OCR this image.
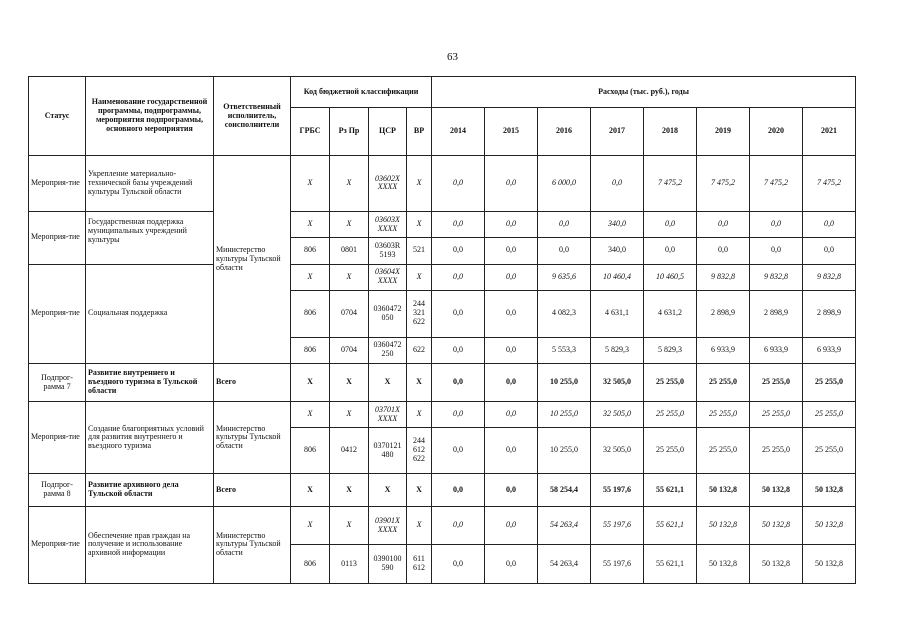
63
Статус	Наименование государственной программы, подпрограммы, мероприятия подпрограммы, основного мероприятия	Ответственный исполнитель, соисполнители	Код бюджетной классификации				Расходы (тыс. руб.), годы							
			ГРБС	Рз Пр	ЦСР	ВР	2014	2015	2016	2017	2018	2019	2020	2021
Мероприя-тие	Укрепление материально-технической базы учреждений культуры Тульской области	Министерство культуры Тульской области	X	X	03602X XXXX	X	0,0	0,0	6 000,0	0,0	7 475,2	7 475,2	7 475,2	7 475,2
Мероприя-тие	Государственная поддержка муниципальных учреждений культуры		X	X	03603X XXXX	X	0,0	0,0	0,0	340,0	0,0	0,0	0,0	0,0
			806	0801	03603R 5193	521	0,0	0,0	0,0	340,0	0,0	0,0	0,0	0,0
Мероприя-тие	Социальная поддержка		X	X	03604X XXXX	X	0,0	0,0	9 635,6	10 460,4	10 460,5	9 832,8	9 832,8	9 832,8
			806	0704	0360472 050	244 321 622	0,0	0,0	4 082,3	4 631,1	4 631,2	2 898,9	2 898,9	2 898,9
			806	0704	0360472 250	622	0,0	0,0	5 553,3	5 829,3	5 829,3	6 933,9	6 933,9	6 933,9
Подпрог-рамма 7	Развитие внутреннего и въездного туризма в Тульской области	Всего	X	X	X	X	0,0	0,0	10 255,0	32 505,0	25 255,0	25 255,0	25 255,0	25 255,0
Мероприя-тие	Создание благоприятных условий для развития внутреннего и въездного туризма	Министерство культуры Тульской области	X	X	03701X XXXX	X	0,0	0,0	10 255,0	32 505,0	25 255,0	25 255,0	25 255,0	25 255,0
			806	0412	0370121 480	244 612 622	0,0	0,0	10 255,0	32 505,0	25 255,0	25 255,0	25 255,0	25 255,0
Подпрог-рамма 8	Развитие архивного дела Тульской области	Всего	X	X	X	X	0,0	0,0	58 254,4	55 197,6	55 621,1	50 132,8	50 132,8	50 132,8
Мероприя-тие	Обеспечение прав граждан на получение и использование архивной информации	Министерство культуры Тульской области	X	X	03901X XXXX	X	0,0	0,0	54 263,4	55 197,6	55 621,1	50 132,8	50 132,8	50 132,8
			806	0113	0390100 590	611 612	0,0	0,0	54 263,4	55 197,6	55 621,1	50 132,8	50 132,8	50 132,8
